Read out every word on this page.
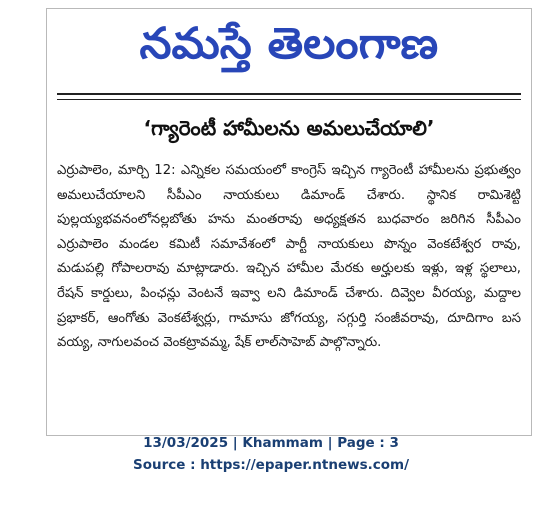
నమస్తే తెలంగాణ
‘గ్యారెంటీ హామీలను అమలుచేయాలి’
ఎర్రుపాలెం, మార్చి 12: ఎన్నికల సమయంలో కాంగ్రెస్ ఇచ్చిన గ్యారెంటీ హామీలను ప్రభుత్వం అమలుచేయాలని సీపీఎం నాయకులు డిమాండ్ చేశారు. స్థానిక రామిశెట్టి పుల్లయ్యభవనంలోనల్లబోతు హను మంతరావు అధ్యక్షతన బుధవారం జరిగిన సీపీఎం ఎర్రుపాలెం మండల కమిటీ సమావేశంలో పార్టీ నాయకులు పొన్నం వెంకటేశ్వర రావు, మడుపల్లి గోపాలరావు మాట్లాడారు. ఇచ్చిన హామీల మేరకు అర్హులకు ఇళ్లు, ఇళ్ల స్థలాలు, రేషన్ కార్డులు, పింఛన్లు వెంటనే ఇవ్వా లని డిమాండ్ చేశారు. దివ్వెల వీరయ్య, మద్దాల ప్రభాకర్, ఆంగోతు వెంకటేశ్వర్లు, గామాసు జోగయ్య, సగ్గుర్తి సంజీవరావు, దూదిగాం బస వయ్య, నాగులవంచ వెంకట్రావమ్మ, షేక్ లాల్‌సాహెబ్ పాల్గొన్నారు.
13/03/2025 | Khammam | Page : 3
Source : https://epaper.ntnews.com/
